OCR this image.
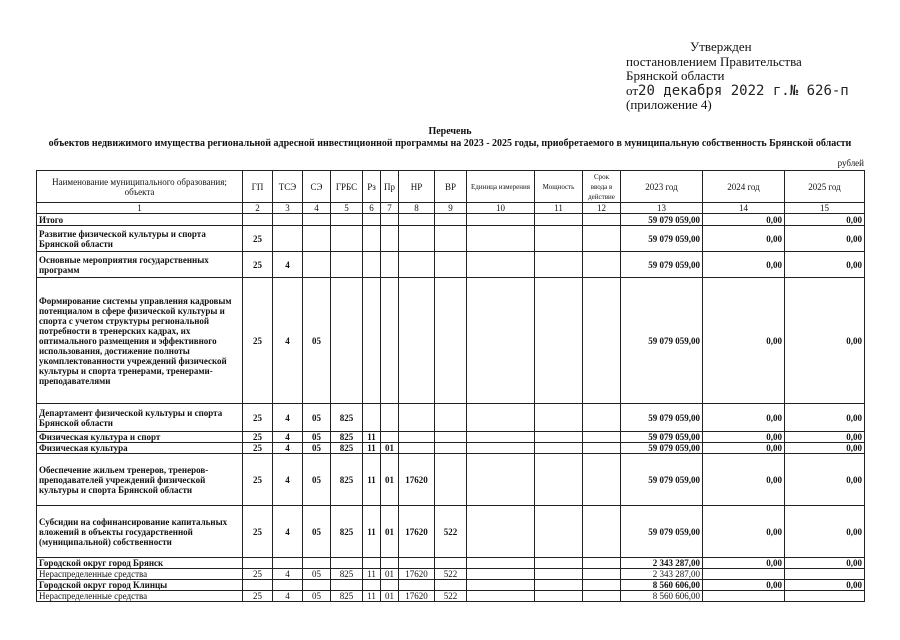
Утвержден
постановлением Правительства
Брянской области
от20 декабря 2022 г.№ 626-п
(приложение 4)
Перечень
объектов недвижимого имущества региональной адресной инвестиционной программы на 2023 - 2025 годы, приобретаемого в муниципальную собственность Брянской области
рублей
Наименование муниципального образования; объекта	ГП	ТСЭ	СЭ	ГРБС	Рз	Пр	НР	ВР	Единица измерения	Мощность	Срок ввода в действие	2023 год	2024 год	2025 год
1	2	3	4	5	6	7	8	9	10	11	12	13	14	15
Итого												59 079 059,00	0,00	0,00
Развитие физической культуры и спорта Брянской области	25											59 079 059,00	0,00	0,00
Основные мероприятия государственных программ	25	4										59 079 059,00	0,00	0,00
Формирование системы управления кадровым потенциалом в сфере физической культуры и спорта с учетом структуры региональной потребности в тренерских кадрах, их оптимального размещения и эффективного использования, достижение полноты укомплектованности учреждений физической культуры и спорта тренерами, тренерами-преподавателями	25	4	05									59 079 059,00	0,00	0,00
Департамент физической культуры и спорта Брянской области	25	4	05	825								59 079 059,00	0,00	0,00
Физическая культура и спорт	25	4	05	825	11							59 079 059,00	0,00	0,00
Физическая культура	25	4	05	825	11	01						59 079 059,00	0,00	0,00
Обеспечение жильем тренеров, тренеров-преподавателей учреждений физической культуры и спорта Брянской области	25	4	05	825	11	01	17620					59 079 059,00	0,00	0,00
Субсидии на софинансирование капитальных вложений в объекты государственной (муниципальной) собственности	25	4	05	825	11	01	17620	522				59 079 059,00	0,00	0,00
Городской округ город Брянск												2 343 287,00	0,00	0,00
Нераспределенные средства	25	4	05	825	11	01	17620	522				2 343 287,00		
Городской округ город Клинцы												8 560 606,00	0,00	0,00
Нераспределенные средства	25	4	05	825	11	01	17620	522				8 560 606,00		
